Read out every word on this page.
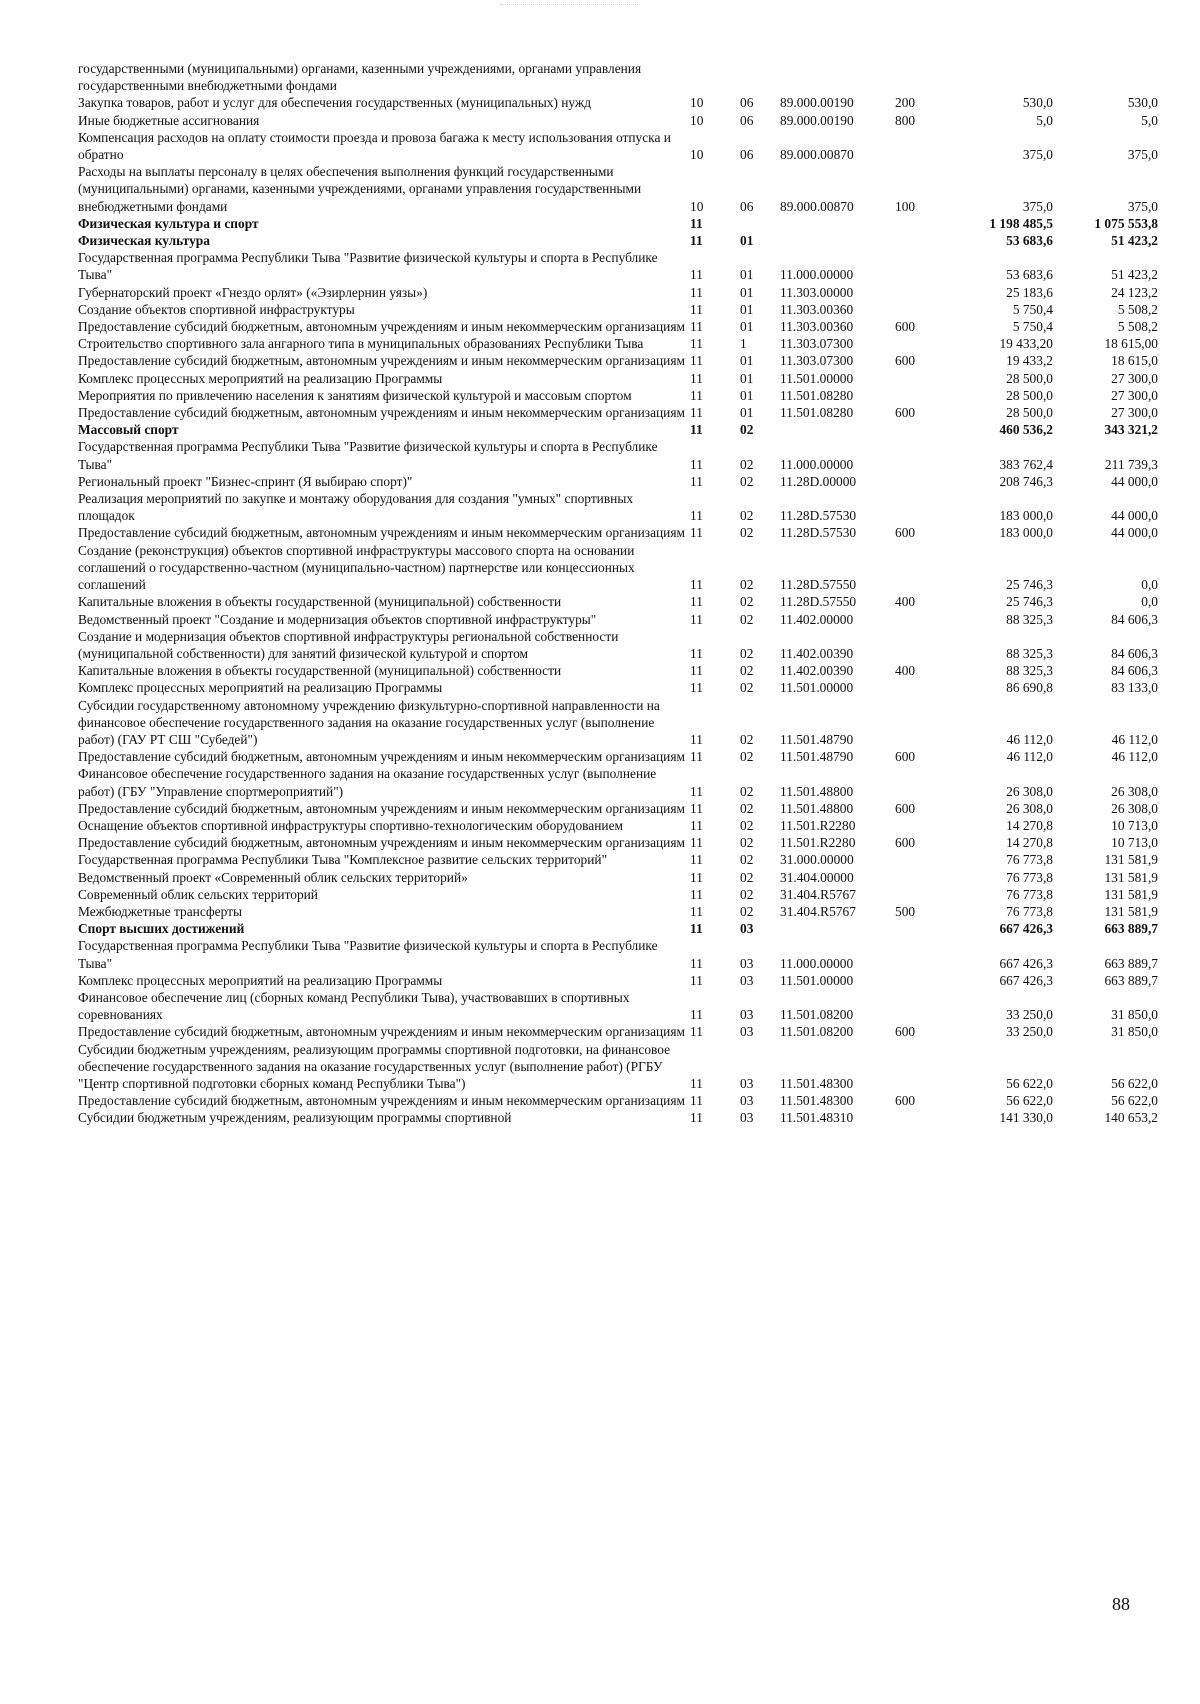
государственными (муниципальными) органами, казенными учреждениями, органами управления государственными внебюджетными фондами						
Закупка товаров, работ и услуг для обеспечения государственных (муниципальных) нужд	10	06	89.000.00190	200	530,0	530,0
Иные бюджетные ассигнования	10	06	89.000.00190	800	5,0	5,0
Компенсация расходов на оплату стоимости проезда и провоза багажа к месту использования отпуска и обратно	10	06	89.000.00870		375,0	375,0
Расходы на выплаты персоналу в целях обеспечения выполнения функций государственными (муниципальными) органами, казенными учреждениями, органами управления государственными внебюджетными фондами	10	06	89.000.00870	100	375,0	375,0
Физическая культура и спорт	11				1 198 485,5	1 075 553,8
Физическая культура	11	01			53 683,6	51 423,2
Государственная программа Республики Тыва "Развитие физической культуры и спорта в Республике Тыва"	11	01	11.000.00000		53 683,6	51 423,2
Губернаторский проект «Гнездо орлят» («Эзирлернин уязы»)	11	01	11.303.00000		25 183,6	24 123,2
Создание объектов спортивной инфраструктуры	11	01	11.303.00360		5 750,4	5 508,2
Предоставление субсидий бюджетным, автономным учреждениям и иным некоммерческим организациям	11	01	11.303.00360	600	5 750,4	5 508,2
Строительство спортивного зала ангарного типа в муниципальных образованиях Республики Тыва	11	1	11.303.07300		19 433,20	18 615,00
Предоставление субсидий бюджетным, автономным учреждениям и иным некоммерческим организациям	11	01	11.303.07300	600	19 433,2	18 615,0
Комплекс процессных мероприятий на реализацию Программы	11	01	11.501.00000		28 500,0	27 300,0
Мероприятия по привлечению населения к занятиям физической культурой и массовым спортом	11	01	11.501.08280		28 500,0	27 300,0
Предоставление субсидий бюджетным, автономным учреждениям и иным некоммерческим организациям	11	01	11.501.08280	600	28 500,0	27 300,0
Массовый спорт	11	02			460 536,2	343 321,2
Государственная программа Республики Тыва "Развитие физической культуры и спорта в Республике Тыва"	11	02	11.000.00000		383 762,4	211 739,3
Региональный проект "Бизнес-спринт (Я выбираю спорт)"	11	02	11.28D.00000		208 746,3	44 000,0
Реализация мероприятий по закупке и монтажу оборудования для создания "умных" спортивных площадок	11	02	11.28D.57530		183 000,0	44 000,0
Предоставление субсидий бюджетным, автономным учреждениям и иным некоммерческим организациям	11	02	11.28D.57530	600	183 000,0	44 000,0
Создание (реконструкция) объектов спортивной инфраструктуры массового спорта на основании соглашений о государственно-частном (муниципально-частном) партнерстве или концессионных соглашений	11	02	11.28D.57550		25 746,3	0,0
Капитальные вложения в объекты государственной (муниципальной) собственности	11	02	11.28D.57550	400	25 746,3	0,0
Ведомственный проект "Создание и модернизация объектов спортивной инфраструктуры"	11	02	11.402.00000		88 325,3	84 606,3
Создание и модернизация объектов спортивной инфраструктуры региональной собственности (муниципальной собственности) для занятий физической культурой и спортом	11	02	11.402.00390		88 325,3	84 606,3
Капитальные вложения в объекты государственной (муниципальной) собственности	11	02	11.402.00390	400	88 325,3	84 606,3
Комплекс процессных мероприятий на реализацию Программы	11	02	11.501.00000		86 690,8	83 133,0
Субсидии государственному автономному учреждению физкультурно-спортивной направленности на финансовое обеспечение государственного задания на оказание государственных услуг (выполнение работ) (ГАУ РТ СШ "Субедей")	11	02	11.501.48790		46 112,0	46 112,0
Предоставление субсидий бюджетным, автономным учреждениям и иным некоммерческим организациям	11	02	11.501.48790	600	46 112,0	46 112,0
Финансовое обеспечение государственного задания на оказание государственных услуг (выполнение работ) (ГБУ "Управление спортмероприятий")	11	02	11.501.48800		26 308,0	26 308,0
Предоставление субсидий бюджетным, автономным учреждениям и иным некоммерческим организациям	11	02	11.501.48800	600	26 308,0	26 308,0
Оснащение объектов спортивной инфраструктуры спортивно-технологическим оборудованием	11	02	11.501.R2280		14 270,8	10 713,0
Предоставление субсидий бюджетным, автономным учреждениям и иным некоммерческим организациям	11	02	11.501.R2280	600	14 270,8	10 713,0
Государственная программа Республики Тыва "Комплексное развитие сельских территорий"	11	02	31.000.00000		76 773,8	131 581,9
Ведомственный проект «Современный облик сельских территорий»	11	02	31.404.00000		76 773,8	131 581,9
Современный облик сельских территорий	11	02	31.404.R5767		76 773,8	131 581,9
Межбюджетные трансферты	11	02	31.404.R5767	500	76 773,8	131 581,9
Спорт высших достижений	11	03			667 426,3	663 889,7
Государственная программа Республики Тыва "Развитие физической культуры и спорта в Республике Тыва"	11	03	11.000.00000		667 426,3	663 889,7
Комплекс процессных мероприятий на реализацию Программы	11	03	11.501.00000		667 426,3	663 889,7
Финансовое обеспечение лиц (сборных команд Республики Тыва), участвовавших в спортивных соревнованиях	11	03	11.501.08200		33 250,0	31 850,0
Предоставление субсидий бюджетным, автономным учреждениям и иным некоммерческим организациям	11	03	11.501.08200	600	33 250,0	31 850,0
Субсидии бюджетным учреждениям, реализующим программы спортивной подготовки, на финансовое обеспечение государственного задания на оказание государственных услуг (выполнение работ) (РГБУ "Центр спортивной подготовки сборных команд Республики Тыва")	11	03	11.501.48300		56 622,0	56 622,0
Предоставление субсидий бюджетным, автономным учреждениям и иным некоммерческим организациям	11	03	11.501.48300	600	56 622,0	56 622,0
Субсидии бюджетным учреждениям, реализующим программы спортивной	11	03	11.501.48310		141 330,0	140 653,2
88
